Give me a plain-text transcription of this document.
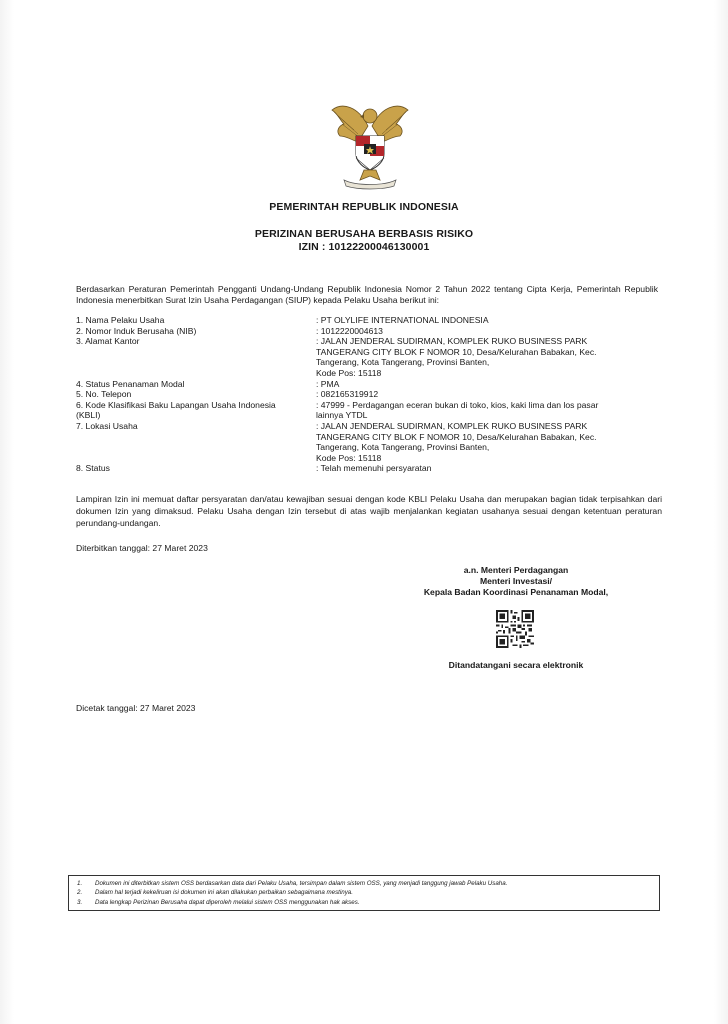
PEMERINTAH REPUBLIK INDONESIA
PERIZINAN BERUSAHA BERBASIS RISIKO
IZIN : 10122200046130001
Berdasarkan Peraturan Pemerintah Pengganti Undang-Undang Republik Indonesia Nomor 2 Tahun 2022 tentang Cipta Kerja, Pemerintah Republik Indonesia menerbitkan Surat Izin Usaha Perdagangan (SIUP) kepada Pelaku Usaha berikut ini:
1. Nama Pelaku Usaha	: PT OLYLIFE INTERNATIONAL INDONESIA
2. Nomor Induk Berusaha (NIB)	: 1012220004613
3. Alamat Kantor	: JALAN JENDERAL SUDIRMAN, KOMPLEK RUKO BUSINESS PARK
TANGERANG CITY BLOK F NOMOR 10, Desa/Kelurahan Babakan, Kec.
Tangerang, Kota Tangerang, Provinsi Banten,
Kode Pos: 15118
4. Status Penanaman Modal	: PMA
5. No. Telepon	: 082165319912
6. Kode Klasifikasi Baku Lapangan Usaha Indonesia
(KBLI)
: 47999 - Perdagangan eceran bukan di toko, kios, kaki lima dan los pasar
lainnya YTDL
7. Lokasi Usaha	: JALAN JENDERAL SUDIRMAN, KOMPLEK RUKO BUSINESS PARK
TANGERANG CITY BLOK F NOMOR 10, Desa/Kelurahan Babakan, Kec.
Tangerang, Kota Tangerang, Provinsi Banten,
Kode Pos: 15118
8. Status	: Telah memenuhi persyaratan
Lampiran Izin ini memuat daftar persyaratan dan/atau kewajiban sesuai dengan kode KBLI Pelaku Usaha dan merupakan bagian tidak terpisahkan dari dokumen Izin yang dimaksud. Pelaku Usaha dengan Izin tersebut di atas wajib menjalankan kegiatan usahanya sesuai dengan ketentuan peraturan perundang-undangan.
Diterbitkan tanggal: 27 Maret 2023
a.n. Menteri Perdagangan
Menteri Investasi/
Kepala Badan Koordinasi Penanaman Modal,
Ditandatangani secara elektronik
Dicetak tanggal: 27 Maret 2023
1.	Dokumen ini diterbitkan sistem OSS berdasarkan data dari Pelaku Usaha, tersimpan dalam sistem OSS, yang menjadi tanggung jawab Pelaku Usaha.
2.	Dalam hal terjadi kekeliruan isi dokumen ini akan dilakukan perbaikan sebagaimana mestinya.
3.	Data lengkap Perizinan Berusaha dapat diperoleh melalui sistem OSS menggunakan hak akses.
